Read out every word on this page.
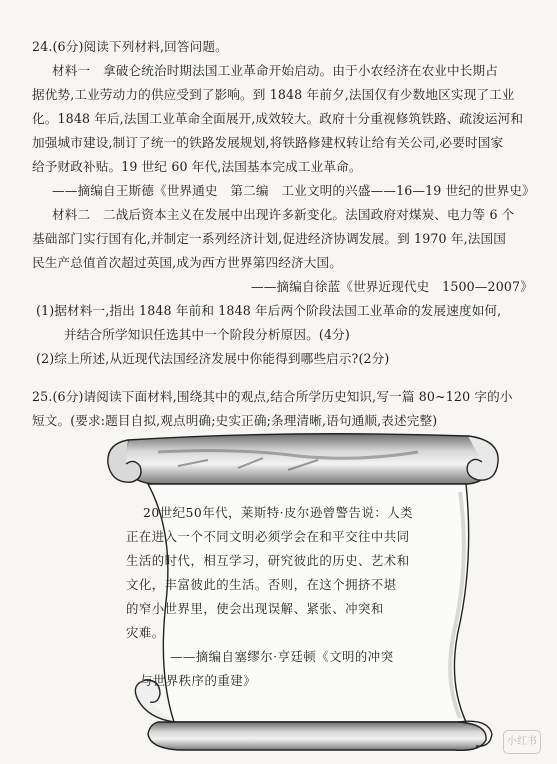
24.(6分)阅读下列材料,回答问题。
材料一　拿破仑统治时期法国工业革命开始启动。由于小农经济在农业中长期占
据优势,工业劳动力的供应受到了影响。到 1848 年前夕,法国仅有少数地区实现了工业
化。1848 年后,法国工业革命全面展开,成效较大。政府十分重视修筑铁路、疏浚运河和
加强城市建设,制订了统一的铁路发展规划,将铁路修建权转让给有关公司,必要时国家
给予财政补贴。19 世纪 60 年代,法国基本完成工业革命。
——摘编自王斯德《世界通史　第二编　工业文明的兴盛——16—19 世纪的世界史》
材料二　二战后资本主义在发展中出现许多新变化。法国政府对煤炭、电力等 6 个
基础部门实行国有化,并制定一系列经济计划,促进经济协调发展。到 1970 年,法国国
民生产总值首次超过英国,成为西方世界第四经济大国。
——摘编自徐蓝《世界近现代史　1500—2007》
(1)据材料一,指出 1848 年前和 1848 年后两个阶段法国工业革命的发展速度如何,
并结合所学知识任选其中一个阶段分析原因。(4分)
(2)综上所述,从近现代法国经济发展中你能得到哪些启示?(2分)
25.(6分)请阅读下面材料,围绕其中的观点,结合所学历史知识,写一篇 80~120 字的小
短文。(要求:题目自拟,观点明确;史实正确;条理清晰,语句通顺,表述完整)
20世纪50年代，莱斯特·皮尔逊曾警告说：人类
正在进入一个不同文明必须学会在和平交往中共同
生活的时代，相互学习，研究彼此的历史、艺术和
文化，丰富彼此的生活。否则，在这个拥挤不堪
的窄小世界里，使会出现误解、紧张、冲突和
灾难。
——摘编自塞缪尔·亨廷顿《文明的冲突
与世界秩序的重建》
小红书
